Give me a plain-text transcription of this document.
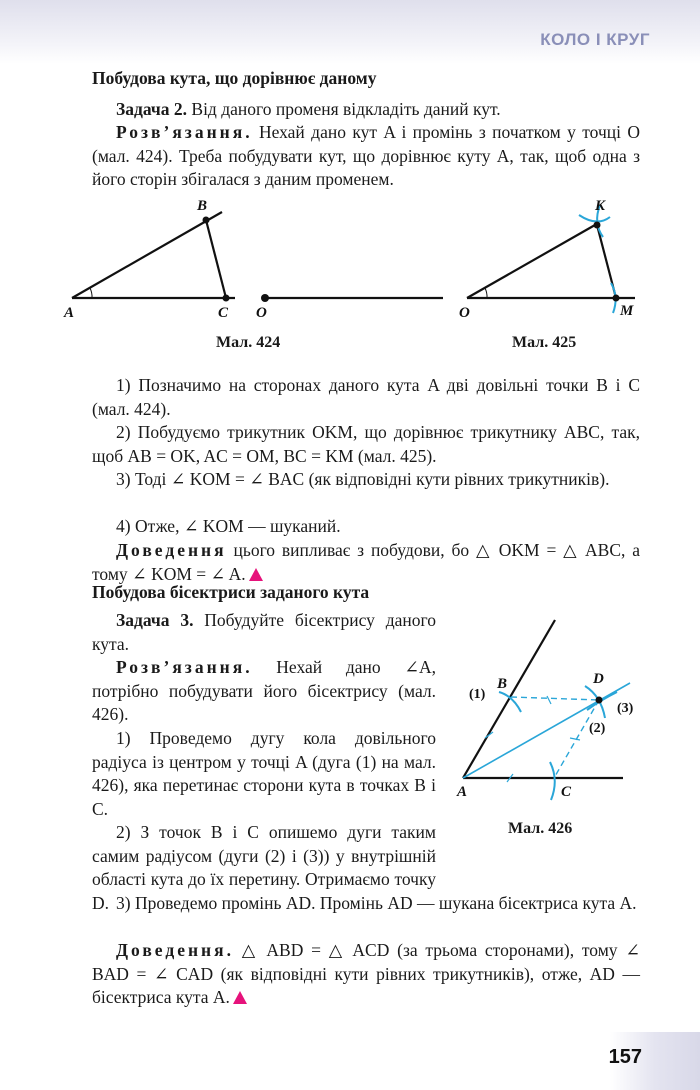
КОЛО І КРУГ

Побудова кута, що дорівнює даному

Задача 2. Від даного променя відкладіть даний кут.

Розв’язання. Нехай дано кут A і промінь з початком у точці O (мал. 424). Треба побудувати кут, що дорівнює куту A, так, щоб одна з його сторін збігалася з даним променем.

B
A	C O
K
O	M

Мал. 424	Мал. 425

1) Позначимо на сторонах даного кута A дві довільні точки B і C (мал. 424).

2) Побудуємо трикутник OKM, що дорівнює трикутнику ABC, так, щоб AB = OK, AC = OM, BC = KM (мал. 425).

3) Тоді ∠ KOM = ∠ BAC (як відповідні кути рівних трикутників).

4) Отже, ∠ KOM — шуканий.

Доведення цього випливає з побудови, бо △ OKM = △ ABC, а тому ∠ KOM = ∠ A.

Побудова бісектриси заданого кута

Задача 3. Побудуйте бісектрису даного кута.

Розв’язання. Нехай дано ∠A, потрібно побудувати його бісектрису (мал. 426).

1) Проведемо дугу кола довільного радіуса із центром у точці A (дуга (1) на мал. 426), яка перетинає сторони кута в точках B і C.

2) З точок B і C опишемо дуги таким самим радіусом (дуги (2) і (3)) у внутрішній області кута до їх перетину. Отримаємо точку D. 3) Проведемо промінь AD. Промінь AD — шукана бісектриса кута A.

Доведення. △ ABD = △ ACD (за трьома сторонами), тому ∠ BAD = ∠ CAD (як відповідні кути рівних трикутників), отже, AD — бісектриса кута A.

B	D
A	C
(1)
(2)
(3)

Мал. 426

157
